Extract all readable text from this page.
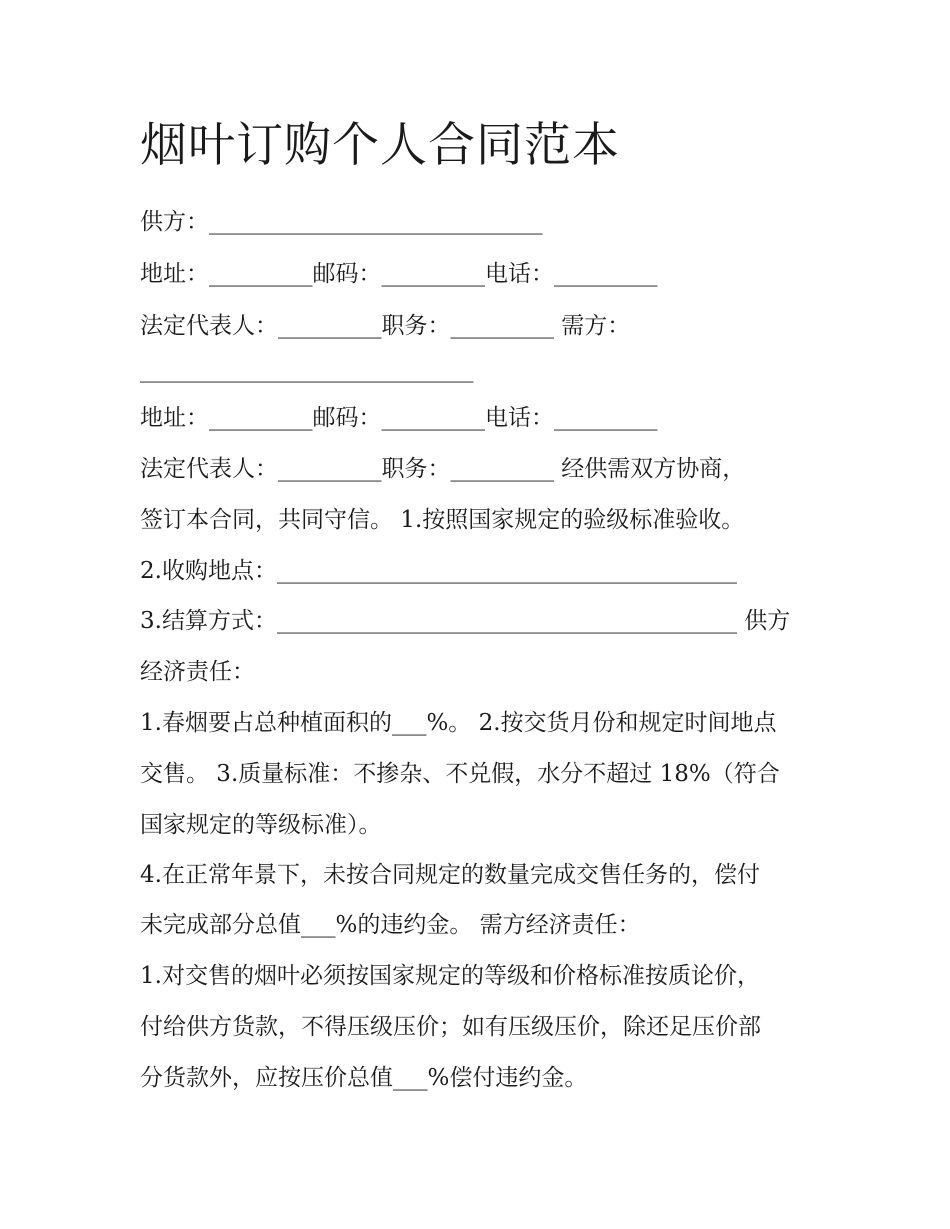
烟叶订购个人合同范本
供方：_____________________________
地址：_________邮码：_________电话：_________
法定代表人：_________职务：_________ 需方：
_____________________________
地址：_________邮码：_________电话：_________
法定代表人：_________职务：_________ 经供需双方协商，
签订本合同，共同守信。 1.按照国家规定的验级标准验收。
2.收购地点：________________________________________
3.结算方式：________________________________________ 供方
经济责任：
1.春烟要占总种植面积的___%。 2.按交货月份和规定时间地点
交售。 3.质量标准：不掺杂、不兑假，水分不超过 18%（符合
国家规定的等级标准）。
4.在正常年景下，未按合同规定的数量完成交售任务的，偿付
未完成部分总值___%的违约金。 需方经济责任：
1.对交售的烟叶必须按国家规定的等级和价格标准按质论价，
付给供方货款，不得压级压价；如有压级压价，除还足压价部
分货款外，应按压价总值___%偿付违约金。
